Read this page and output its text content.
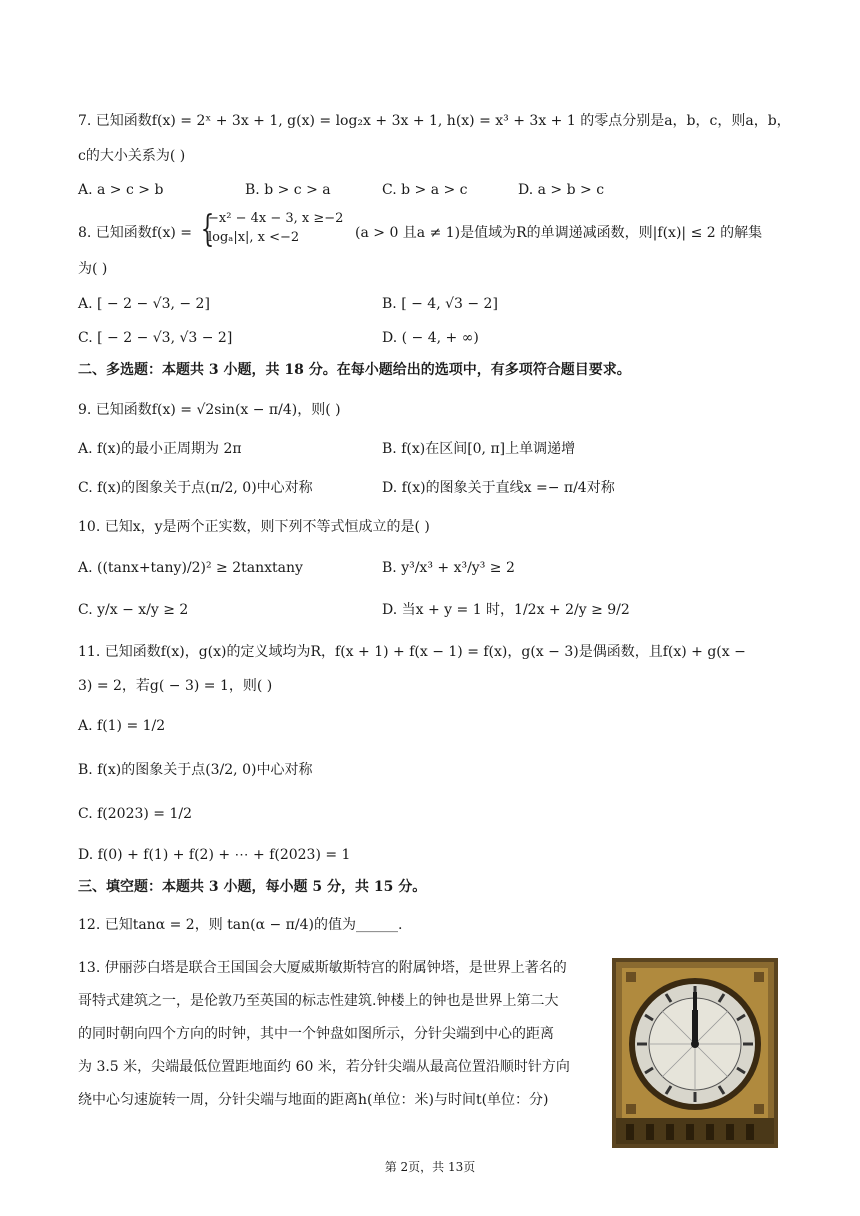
7. 已知函数f(x) = 2ˣ + 3x + 1, g(x) = log₂x + 3x + 1, h(x) = x³ + 3x + 1 的零点分别是a，b，c，则a，b，
c的大小关系为( )
A. a > c > b	B. b > c > a	C. b > a > c	D. a > b > c
8. 已知函数f(x) = {
−x² − 4x − 3, x ≥−2
logₐ|x|, x <−2	(a > 0 且a ≠ 1)是值域为R的单调递减函数，则|f(x)| ≤ 2 的解集
为( )
A. [ − 2 − √3, − 2]	B. [ − 4, √3 − 2]
C. [ − 2 − √3, √3 − 2]	D. ( − 4, + ∞)
二、多选题：本题共 3 小题，共 18 分。在每小题给出的选项中，有多项符合题目要求。
9. 已知函数f(x) = √2sin(x − π/4)，则( )
A. f(x)的最小正周期为 2π	B. f(x)在区间[0, π]上单调递增
C. f(x)的图象关于点(π/2, 0)中心对称	D. f(x)的图象关于直线x =− π/4对称
10. 已知x，y是两个正实数，则下列不等式恒成立的是( )
A. ((tanx+tany)/2)² ≥ 2tanxtany	B. y³/x³ + x³/y³ ≥ 2
C. y/x − x/y ≥ 2	D. 当x + y = 1 时，1/2x + 2/y ≥ 9/2
11. 已知函数f(x)，g(x)的定义域均为R，f(x + 1) + f(x − 1) = f(x)，g(x − 3)是偶函数，且f(x) + g(x −
3) = 2，若g( − 3) = 1，则( )
A. f(1) = 1/2
B. f(x)的图象关于点(3/2, 0)中心对称
C. f(2023) = 1/2
D. f(0) + f(1) + f(2) + ⋯ + f(2023) = 1
三、填空题：本题共 3 小题，每小题 5 分，共 15 分。
12. 已知tanα = 2，则 tan(α − π/4)的值为______.
13. 伊丽莎白塔是联合王国国会大厦威斯敏斯特宫的附属钟塔，是世界上著名的
哥特式建筑之一，是伦敦乃至英国的标志性建筑.钟楼上的钟也是世界上第二大
的同时朝向四个方向的时钟，其中一个钟盘如图所示，分针尖端到中心的距离
为 3.5 米，尖端最低位置距地面约 60 米，若分针尖端从最高位置沿顺时针方向
绕中心匀速旋转一周，分针尖端与地面的距离h(单位：米)与时间t(单位：分)
第 2页，共 13页
